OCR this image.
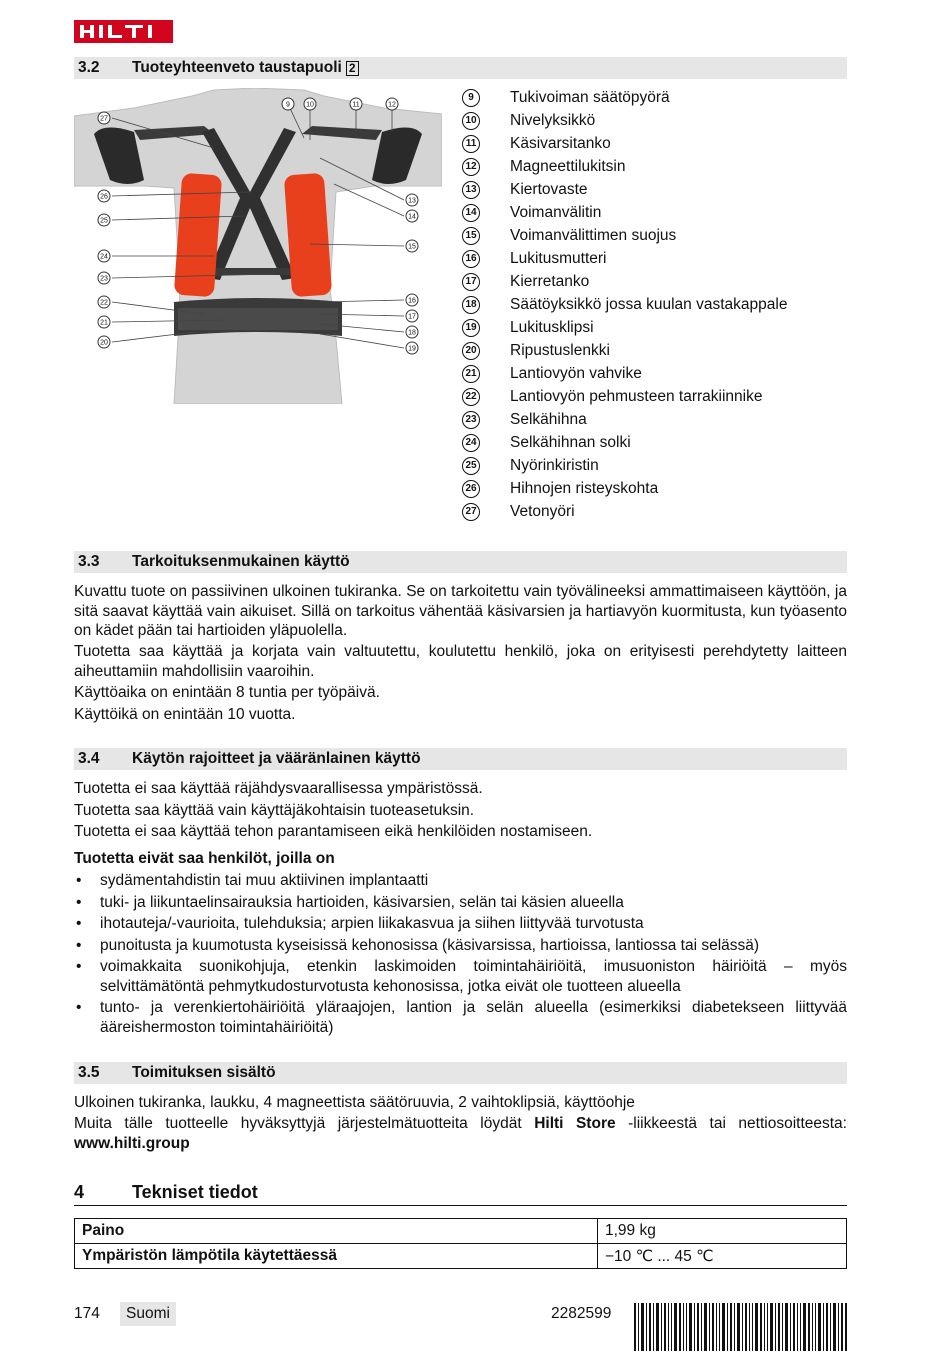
3.2	Tuoteyhteenveto taustapuoli 2
27
9 10	11	12
26
25
24
23
22
21
20
13
14
15
16
17
18
19
9	Tukivoiman säätöpyörä
10 Nivelyksikkö
11 Käsivarsitanko
12 Magneettilukitsin
13 Kiertovaste
14 Voimanvälitin
15 Voimanvälittimen suojus
16 Lukitusmutteri
17 Kierretanko
18 Säätöyksikkö jossa kuulan vastakappale
19 Lukitusklipsi
20 Ripustuslenkki
21 Lantiovyön vahvike
22 Lantiovyön pehmusteen tarrakiinnike
23 Selkähihna
24 Selkähihnan solki
25 Nyörinkiristin
26 Hihnojen risteyskohta
27 Vetonyöri
3.3	Tarkoituksenmukainen käyttö
Kuvattu tuote on passiivinen ulkoinen tukiranka. Se on tarkoitettu vain työvälineeksi ammattimaiseen käyttöön, ja sitä saavat käyttää vain aikuiset. Sillä on tarkoitus vähentää käsivarsien ja hartiavyön kuormitusta, kun työasento on kädet pään tai hartioiden yläpuolella.
Tuotetta saa käyttää ja korjata vain valtuutettu, koulutettu henkilö, joka on erityisesti perehdytetty laitteen aiheuttamiin mahdollisiin vaaroihin.
Käyttöaika on enintään 8 tuntia per työpäivä.
Käyttöikä on enintään 10 vuotta.
3.4	Käytön rajoitteet ja vääränlainen käyttö
Tuotetta ei saa käyttää räjähdysvaarallisessa ympäristössä.
Tuotetta saa käyttää vain käyttäjäkohtaisin tuoteasetuksin.
Tuotetta ei saa käyttää tehon parantamiseen eikä henkilöiden nostamiseen.
Tuotetta eivät saa henkilöt, joilla on
• sydämentahdistin tai muu aktiivinen implantaatti
• tuki- ja liikuntaelinsairauksia hartioiden, käsivarsien, selän tai käsien alueella
• ihotauteja/-vaurioita, tulehduksia; arpien liikakasvua ja siihen liittyvää turvotusta
• punoitusta ja kuumotusta kyseisissä kehonosissa (käsivarsissa, hartioissa, lantiossa tai selässä)
• voimakkaita suonikohjuja, etenkin laskimoiden toimintahäiriöitä, imusuoniston häiriöitä – myös selvittämätöntä pehmytkudosturvotusta kehonosissa, jotka eivät ole tuotteen alueella
• tunto- ja verenkiertohäiriöitä yläraajojen, lantion ja selän alueella (esimerkiksi diabetekseen liittyvää ääreishermoston toimintahäiriöitä)
3.5	Toimituksen sisältö
Ulkoinen tukiranka, laukku, 4 magneettista säätöruuvia, 2 vaihtoklipsiä, käyttöohje
Muita tälle tuotteelle hyväksyttyjä järjestelmätuotteita löydät Hilti Store -liikkeestä tai nettiosoitteesta: www.hilti.group
4	Tekniset tiedot
Paino	1,99 kg
Ympäristön lämpötila käytettäessä	−10 ℃ ... 45 ℃
174	Suomi	2282599
